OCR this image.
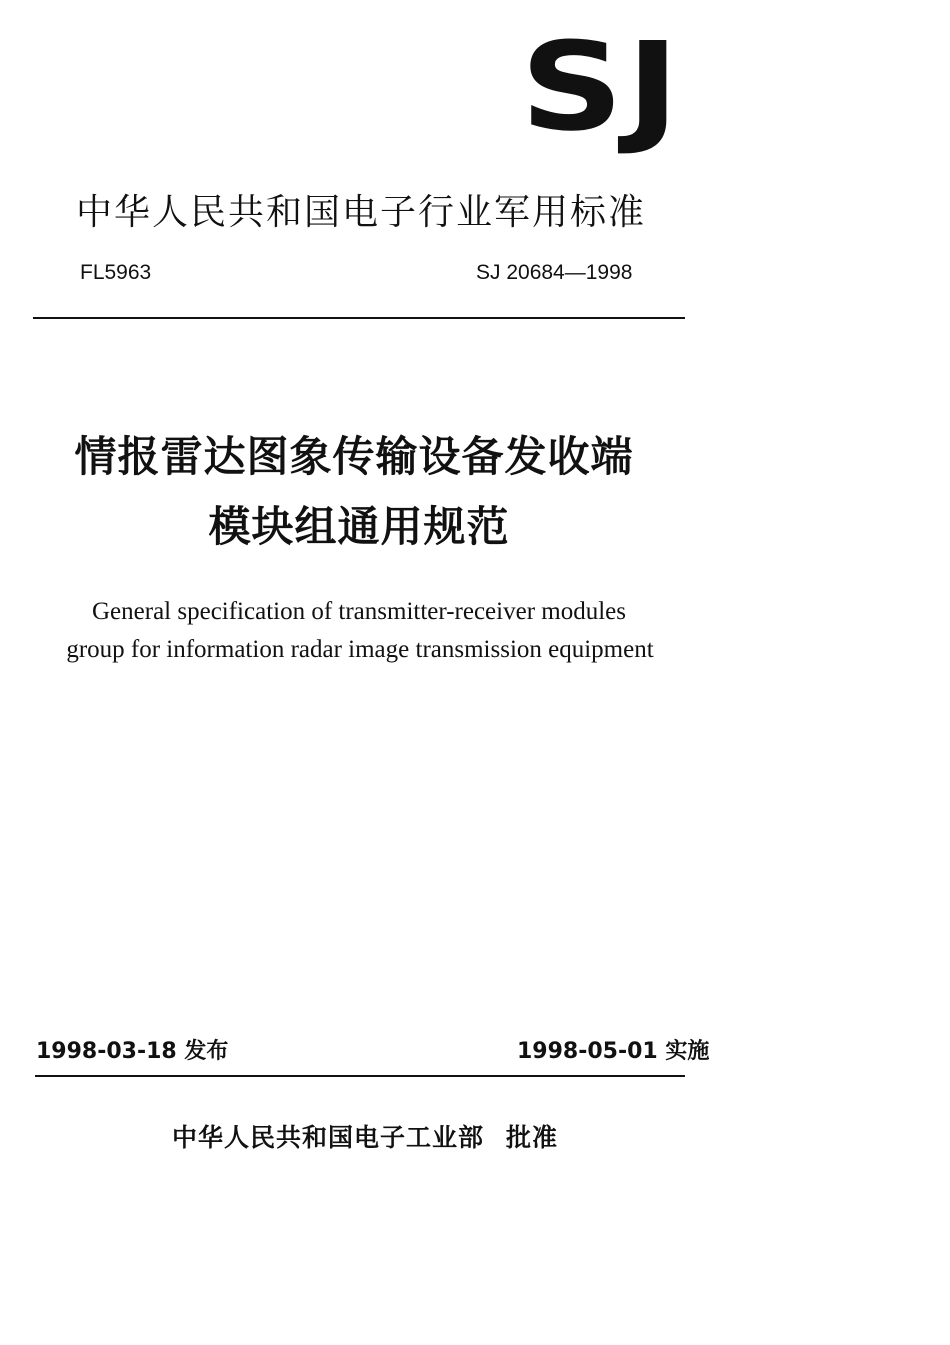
SJ
中华人民共和国电子行业军用标准
FL5963	SJ 20684—1998
情报雷达图象传输设备发收端
模块组通用规范
General specification of transmitter-receiver modules
group for information radar image transmission equipment
1998-03-18 发布	1998-05-01 实施
中华人民共和国电子工业部 批准
